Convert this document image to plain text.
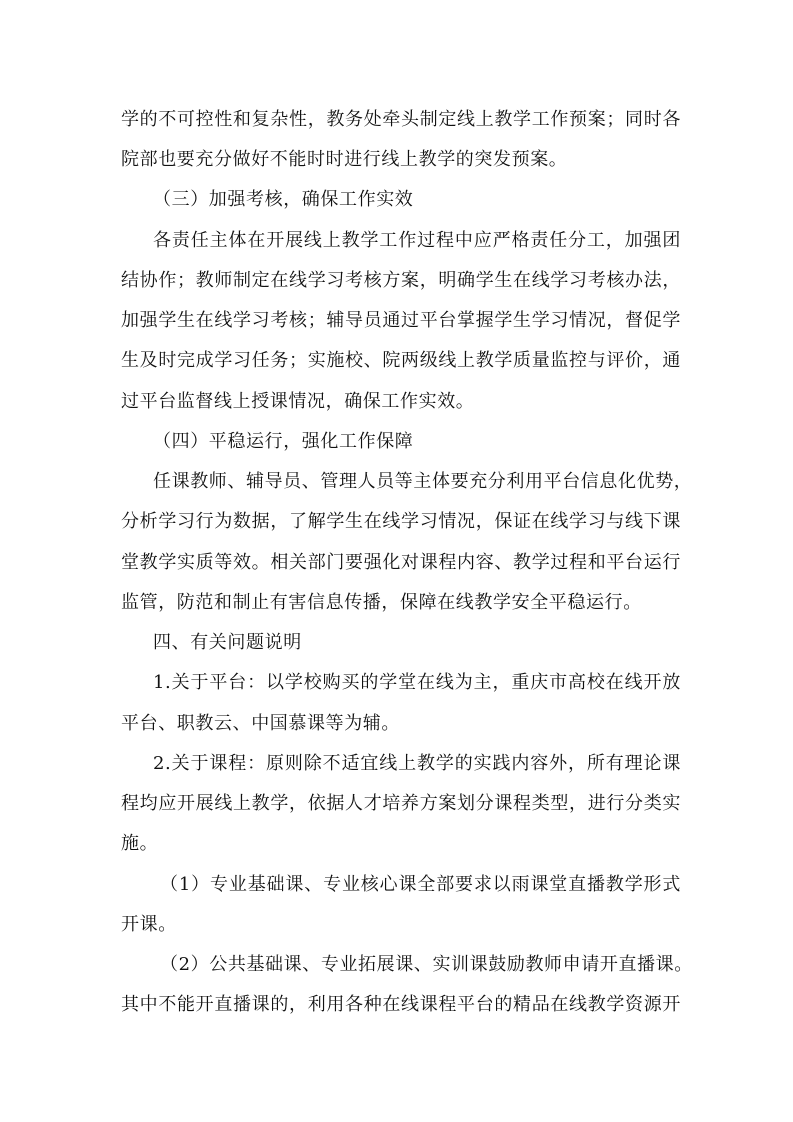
学的不可控性和复杂性，教务处牵头制定线上教学工作预案；同时各
院部也要充分做好不能时时进行线上教学的突发预案。
（三）加强考核，确保工作实效
各责任主体在开展线上教学工作过程中应严格责任分工，加强团
结协作；教师制定在线学习考核方案，明确学生在线学习考核办法，
加强学生在线学习考核；辅导员通过平台掌握学生学习情况，督促学
生及时完成学习任务；实施校、院两级线上教学质量监控与评价，通
过平台监督线上授课情况，确保工作实效。
（四）平稳运行，强化工作保障
任课教师、辅导员、管理人员等主体要充分利用平台信息化优势，
分析学习行为数据，了解学生在线学习情况，保证在线学习与线下课
堂教学实质等效。相关部门要强化对课程内容、教学过程和平台运行
监管，防范和制止有害信息传播，保障在线教学安全平稳运行。
四、有关问题说明
1.关于平台：以学校购买的学堂在线为主，重庆市高校在线开放
平台、职教云、中国慕课等为辅。
2.关于课程：原则除不适宜线上教学的实践内容外，所有理论课
程均应开展线上教学，依据人才培养方案划分课程类型，进行分类实
施。
（1）专业基础课、专业核心课全部要求以雨课堂直播教学形式
开课。
（2）公共基础课、专业拓展课、实训课鼓励教师申请开直播课。
其中不能开直播课的，利用各种在线课程平台的精品在线教学资源开
